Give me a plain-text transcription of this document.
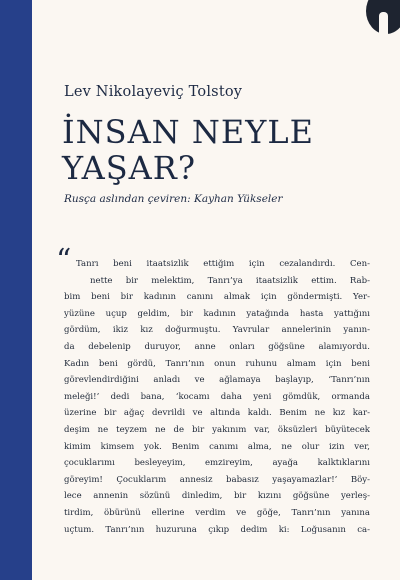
Lev Nikolayeviç Tolstoy
İNSAN NEYLE
YAŞAR?
Rusça aslından çeviren: Kayhan Yükseler
“ Tanrı beni itaatsizlik ettiğim için cezalandırdı. Cen-
nette bir melektim, Tanrı’ya itaatsizlik ettim. Rab-
bim beni bir kadının canını almak için göndermişti. Yer-
yüzüne uçup geldim, bir kadının yatağında hasta yattığını
gördüm, ikiz kız doğurmuştu. Yavrular annelerinin yanın-
da debelenip duruyor, anne onları göğsüne alamıyordu.
Kadın beni gördü, Tanrı’nın onun ruhunu almam için beni
görevlendirdiğini anladı ve ağlamaya başlayıp, ‘Tanrı’nın
meleği!’ dedi bana, ‘kocamı daha yeni gömdük, ormanda
üzerine bir ağaç devrildi ve altında kaldı. Benim ne kız kar-
deşim ne teyzem ne de bir yakınım var, öksüzleri büyütecek
kimim kimsem yok. Benim canımı alma, ne olur izin ver,
çocuklarımı besleyeyim, emzireyim, ayağa kalktıklarını
göreyim! Çocuklarım annesiz babasız yaşayamazlar!’ Böy-
lece annenin sözünü dinledim, bir kızını göğsüne yerleş-
tirdim, öbürünü ellerine verdim ve göğe, Tanrı’nın yanına
uçtum. Tanrı’nın huzuruna çıkıp dedim ki: Loğusanın ca-
